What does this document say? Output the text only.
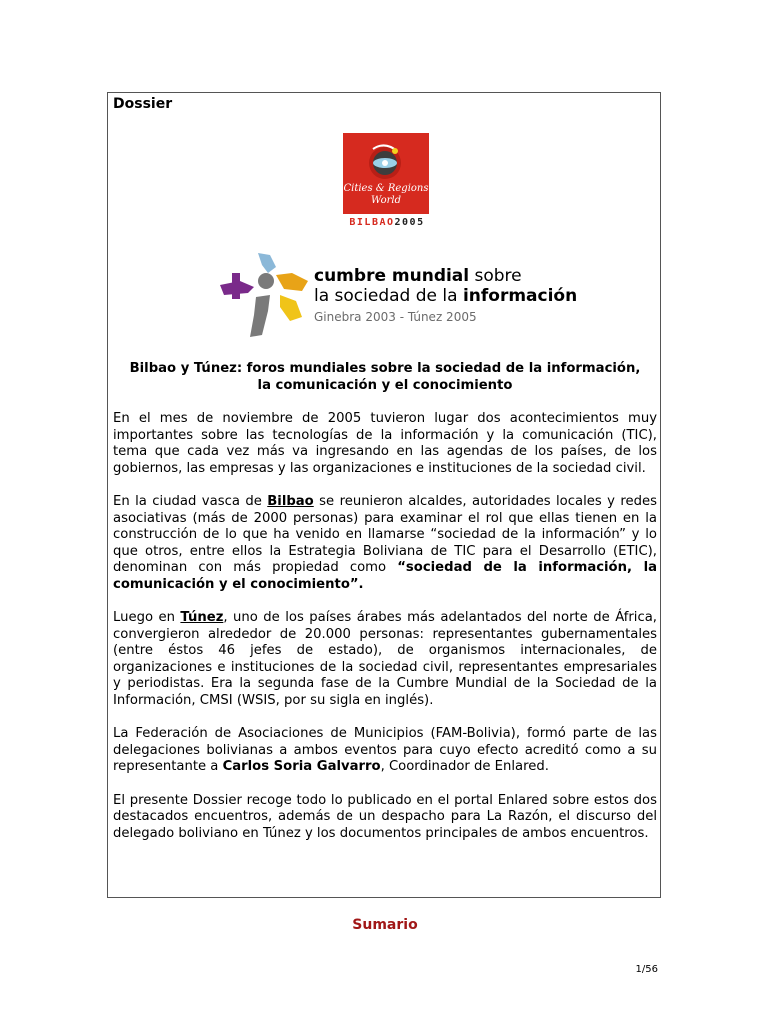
Dossier
Cities & Regions
World
BILBAO2005
cumbre mundial sobre
la sociedad de la información
Ginebra 2003 - Túnez 2005
Bilbao y Túnez: foros mundiales sobre la sociedad de la información,
la comunicación y el conocimiento

En el mes de noviembre de 2005 tuvieron lugar dos acontecimientos muy importantes sobre las tecnologías de la información y la comunicación (TIC), tema que cada vez más va ingresando en las agendas de los países, de los gobiernos, las empresas y las organizaciones e instituciones de la sociedad civil.

En la ciudad vasca de Bilbao se reunieron alcaldes, autoridades locales y redes asociativas (más de 2000 personas) para examinar el rol que ellas tienen en la construcción de lo que ha venido en llamarse “sociedad de la información” y lo que otros, entre ellos la Estrategia Boliviana de TIC para el Desarrollo (ETIC), denominan con más propiedad como “sociedad de la información, la comunicación y el conocimiento”.

Luego en Túnez, uno de los países árabes más adelantados del norte de África, convergieron alrededor de 20.000 personas: representantes gubernamentales (entre éstos 46 jefes de estado), de organismos internacionales, de organizaciones e instituciones de la sociedad civil, representantes empresariales y periodistas. Era la segunda fase de la Cumbre Mundial de la Sociedad de la Información, CMSI (WSIS, por su sigla en inglés).

La Federación de Asociaciones de Municipios (FAM-Bolivia), formó parte de las delegaciones bolivianas a ambos eventos para cuyo efecto acreditó como a su representante a Carlos Soria Galvarro, Coordinador de Enlared.

El presente Dossier recoge todo lo publicado en el portal Enlared sobre estos dos destacados encuentros, además de un despacho para La Razón, el discurso del delegado boliviano en Túnez y los documentos principales de ambos encuentros.

Sumario
1/56
